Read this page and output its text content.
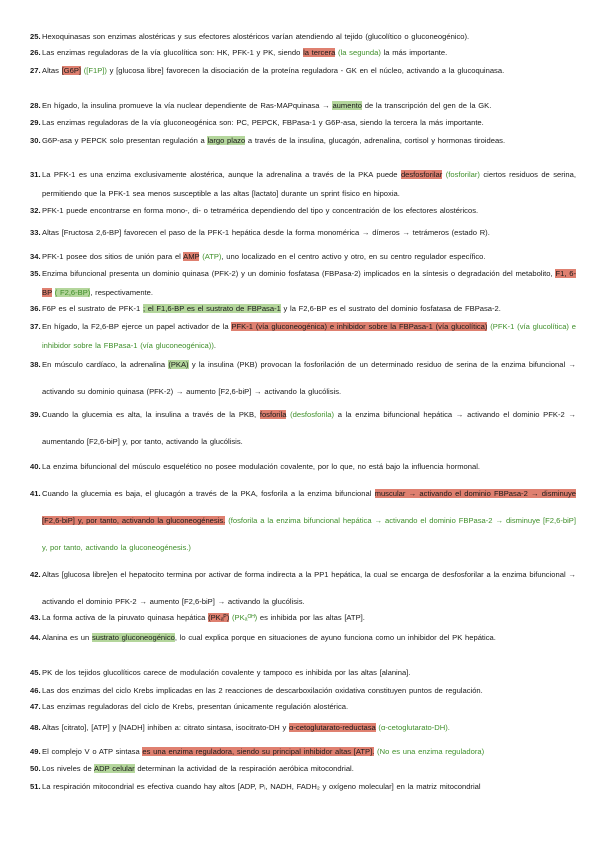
25. Hexoquinasas son enzimas alostéricas y sus efectores alostéricos varían atendiendo al tejido (glucolítico o gluconeogénico).
26. Las enzimas reguladoras de la vía glucolítica son: HK, PFK-1 y PK, siendo la tercera (la segunda) la más importante.
27. Altas [G6P] ([F1P]) y [glucosa libre] favorecen la disociación de la proteína reguladora - GK en el núcleo, activando a la glucoquinasa.
28. En hígado, la insulina promueve la vía nuclear dependiente de Ras-MAPquinasa → aumento de la transcripción del gen de la GK.
29. Las enzimas reguladoras de la vía gluconeogénica son: PC, PEPCK, FBPasa-1 y G6P-asa, siendo la tercera la más importante.
30. G6P-asa y PEPCK solo presentan regulación a largo plazo a través de la insulina, glucagón, adrenalina, cortisol y hormonas tiroideas.
31. La PFK-1 es una enzima exclusivamente alostérica, aunque la adrenalina a través de la PKA puede desfosforilar (fosforilar) ciertos residuos de serina, permitiendo que la PFK-1 sea menos susceptible a las altas [lactato] durante un sprint físico en hipoxia.
32. PFK-1 puede encontrarse en forma mono-, di- o tetramérica dependiendo del tipo y concentración de los efectores alostéricos.
33. Altas [Fructosa 2,6-BP] favorecen el paso de la PFK-1 hepática desde la forma monomérica → dímeros → tetrámeros (estado R).
34. PFK-1 posee dos sitios de unión para el AMP (ATP), uno localizado en el centro activo y otro, en su centro regulador específico.
35. Enzima bifuncional presenta un dominio quinasa (PFK-2) y un dominio fosfatasa (FBPasa-2) implicados en la síntesis o degradación del metabolito, F1, 6-BP ( F2,6-BP), respectivamente.
36. F6P es el sustrato de PFK-1 ; el F1,6-BP es el sustrato de FBPasa-1 y la F2,6-BP es el sustrato del dominio fosfatasa de FBPasa-2.
37. En hígado, la F2,6-BP ejerce un papel activador de la PFK-1 (vía gluconeogénica) e inhibidor sobre la FBPasa-1 (vía glucolítica) (PFK-1 (vía glucolítica) e inhibidor sobre la FBPasa-1 (vía gluconeogénica)).
38. En músculo cardíaco, la adrenalina (PKA) y la insulina (PKB) provocan la fosforilación de un determinado residuo de serina de la enzima bifuncional → activando su dominio quinasa (PFK-2) → aumento [F2,6-biP] → activando la glucólisis.
39. Cuando la glucemia es alta, la insulina a través de la PKB, fosforila (desfosforila) a la enzima bifuncional hepática → activando el dominio PFK-2 → aumentando [F2,6-biP] y, por tanto, activando la glucólisis.
40. La enzima bifuncional del músculo esquelético no posee modulación covalente, por lo que, no está bajo la influencia hormonal.
41. Cuando la glucemia es baja, el glucagón a través de la PKA, fosforila a la enzima bifuncional muscular → activando el dominio FBPasa-2 → disminuye [F2,6-biP] y, por tanto, activando la gluconeogénesis. (fosforila a la enzima bifuncional hepática → activando el dominio FBPasa-2 → disminuye [F2,6-biP] y, por tanto, activando la gluconeogénesis.)
42. Altas [glucosa libre]en el hepatocito termina por activar de forma indirecta a la PP1 hepática, la cual se encarga de desfosforilar a la enzima bifuncional → activando el dominio PFK-2 → aumento [F2,6-biP] → activando la glucólisis.
43. La forma activa de la piruvato quinasa hepática (PKₐᴾ) (PKₐᴼᴴ) es inhibida por las altas [ATP].
44. Alanina es un sustrato gluconeogénico, lo cual explica porque en situaciones de ayuno funciona como un inhibidor del PK hepática.
45. PK de los tejidos glucolíticos carece de modulación covalente y tampoco es inhibida por las altas [alanina].
46. Las dos enzimas del ciclo Krebs implicadas en las 2 reacciones de descarboxilación oxidativa constituyen puntos de regulación.
47. Las enzimas reguladoras del ciclo de Krebs, presentan únicamente regulación alostérica.
48. Altas [citrato], [ATP] y [NADH] inhiben a: citrato sintasa, isocitrato-DH y α-cetoglutarato-reductasa (α-cetoglutarato-DH).
49. El complejo V o ATP sintasa es una enzima reguladora, siendo su principal inhibidor altas [ATP]. (No es una enzima reguladora)
50. Los niveles de ADP celular determinan la actividad de la respiración aeróbica mitocondrial.
51. La respiración mitocondrial es efectiva cuando hay altos [ADP, Pᵢ, NADH, FADH₂ y oxígeno molecular] en la matriz mitocondrial
